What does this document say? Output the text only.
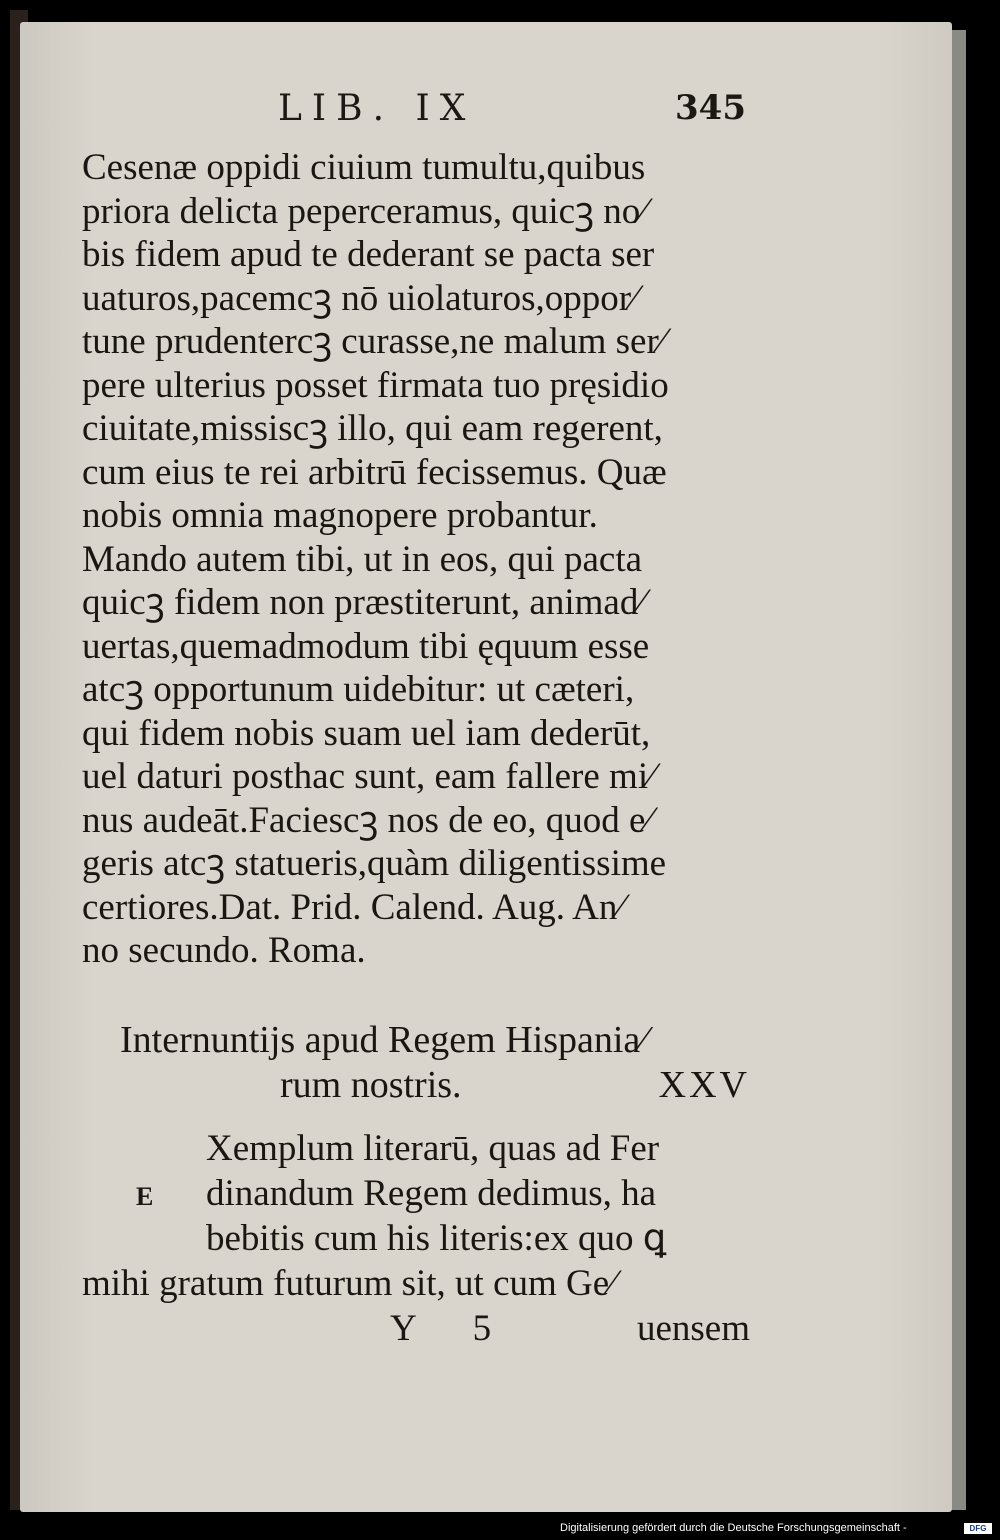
LIB. IX	345
Cesenæ oppidi ciuium tumultu,quibus
priora delicta peperceramus, quicꝫ no⁄
bis fidem apud te dederant se pacta ser
uaturos,pacemcꝫ nō uiolaturos,oppor⁄
tune prudentercꝫ curasse,ne malum ser⁄
pere ulterius posset firmata tuo pręsidio
ciuitate,missiscꝫ illo, qui eam regerent,
cum eius te rei arbitrū fecissemus. Quæ
nobis omnia magnopere probantur.
Mando autem tibi, ut in eos, qui pacta
quicꝫ fidem non præstiterunt, animad⁄
uertas,quemadmodum tibi ęquum esse
atcꝫ opportunum uidebitur: ut cæteri,
qui fidem nobis suam uel iam dederūt,
uel daturi posthac sunt, eam fallere mi⁄
nus audeāt.Faciescꝫ nos de eo, quod e⁄
geris atcꝫ statueris,quàm diligentissime
certiores.Dat. Prid. Calend. Aug. An⁄
no secundo. Roma.
Internuntijs apud Regem Hispania⁄
rum nostris.	XXV
E
Xemplum literarū, quas ad Fer
dinandum Regem dedimus, ha
bebitis cum his literis:ex quo ꝗ
mihi gratum futurum sit, ut cum Ge⁄
Y 5	uensem
Digitalisierung gefördert durch die Deutsche Forschungsgemeinschaft -	DFG
